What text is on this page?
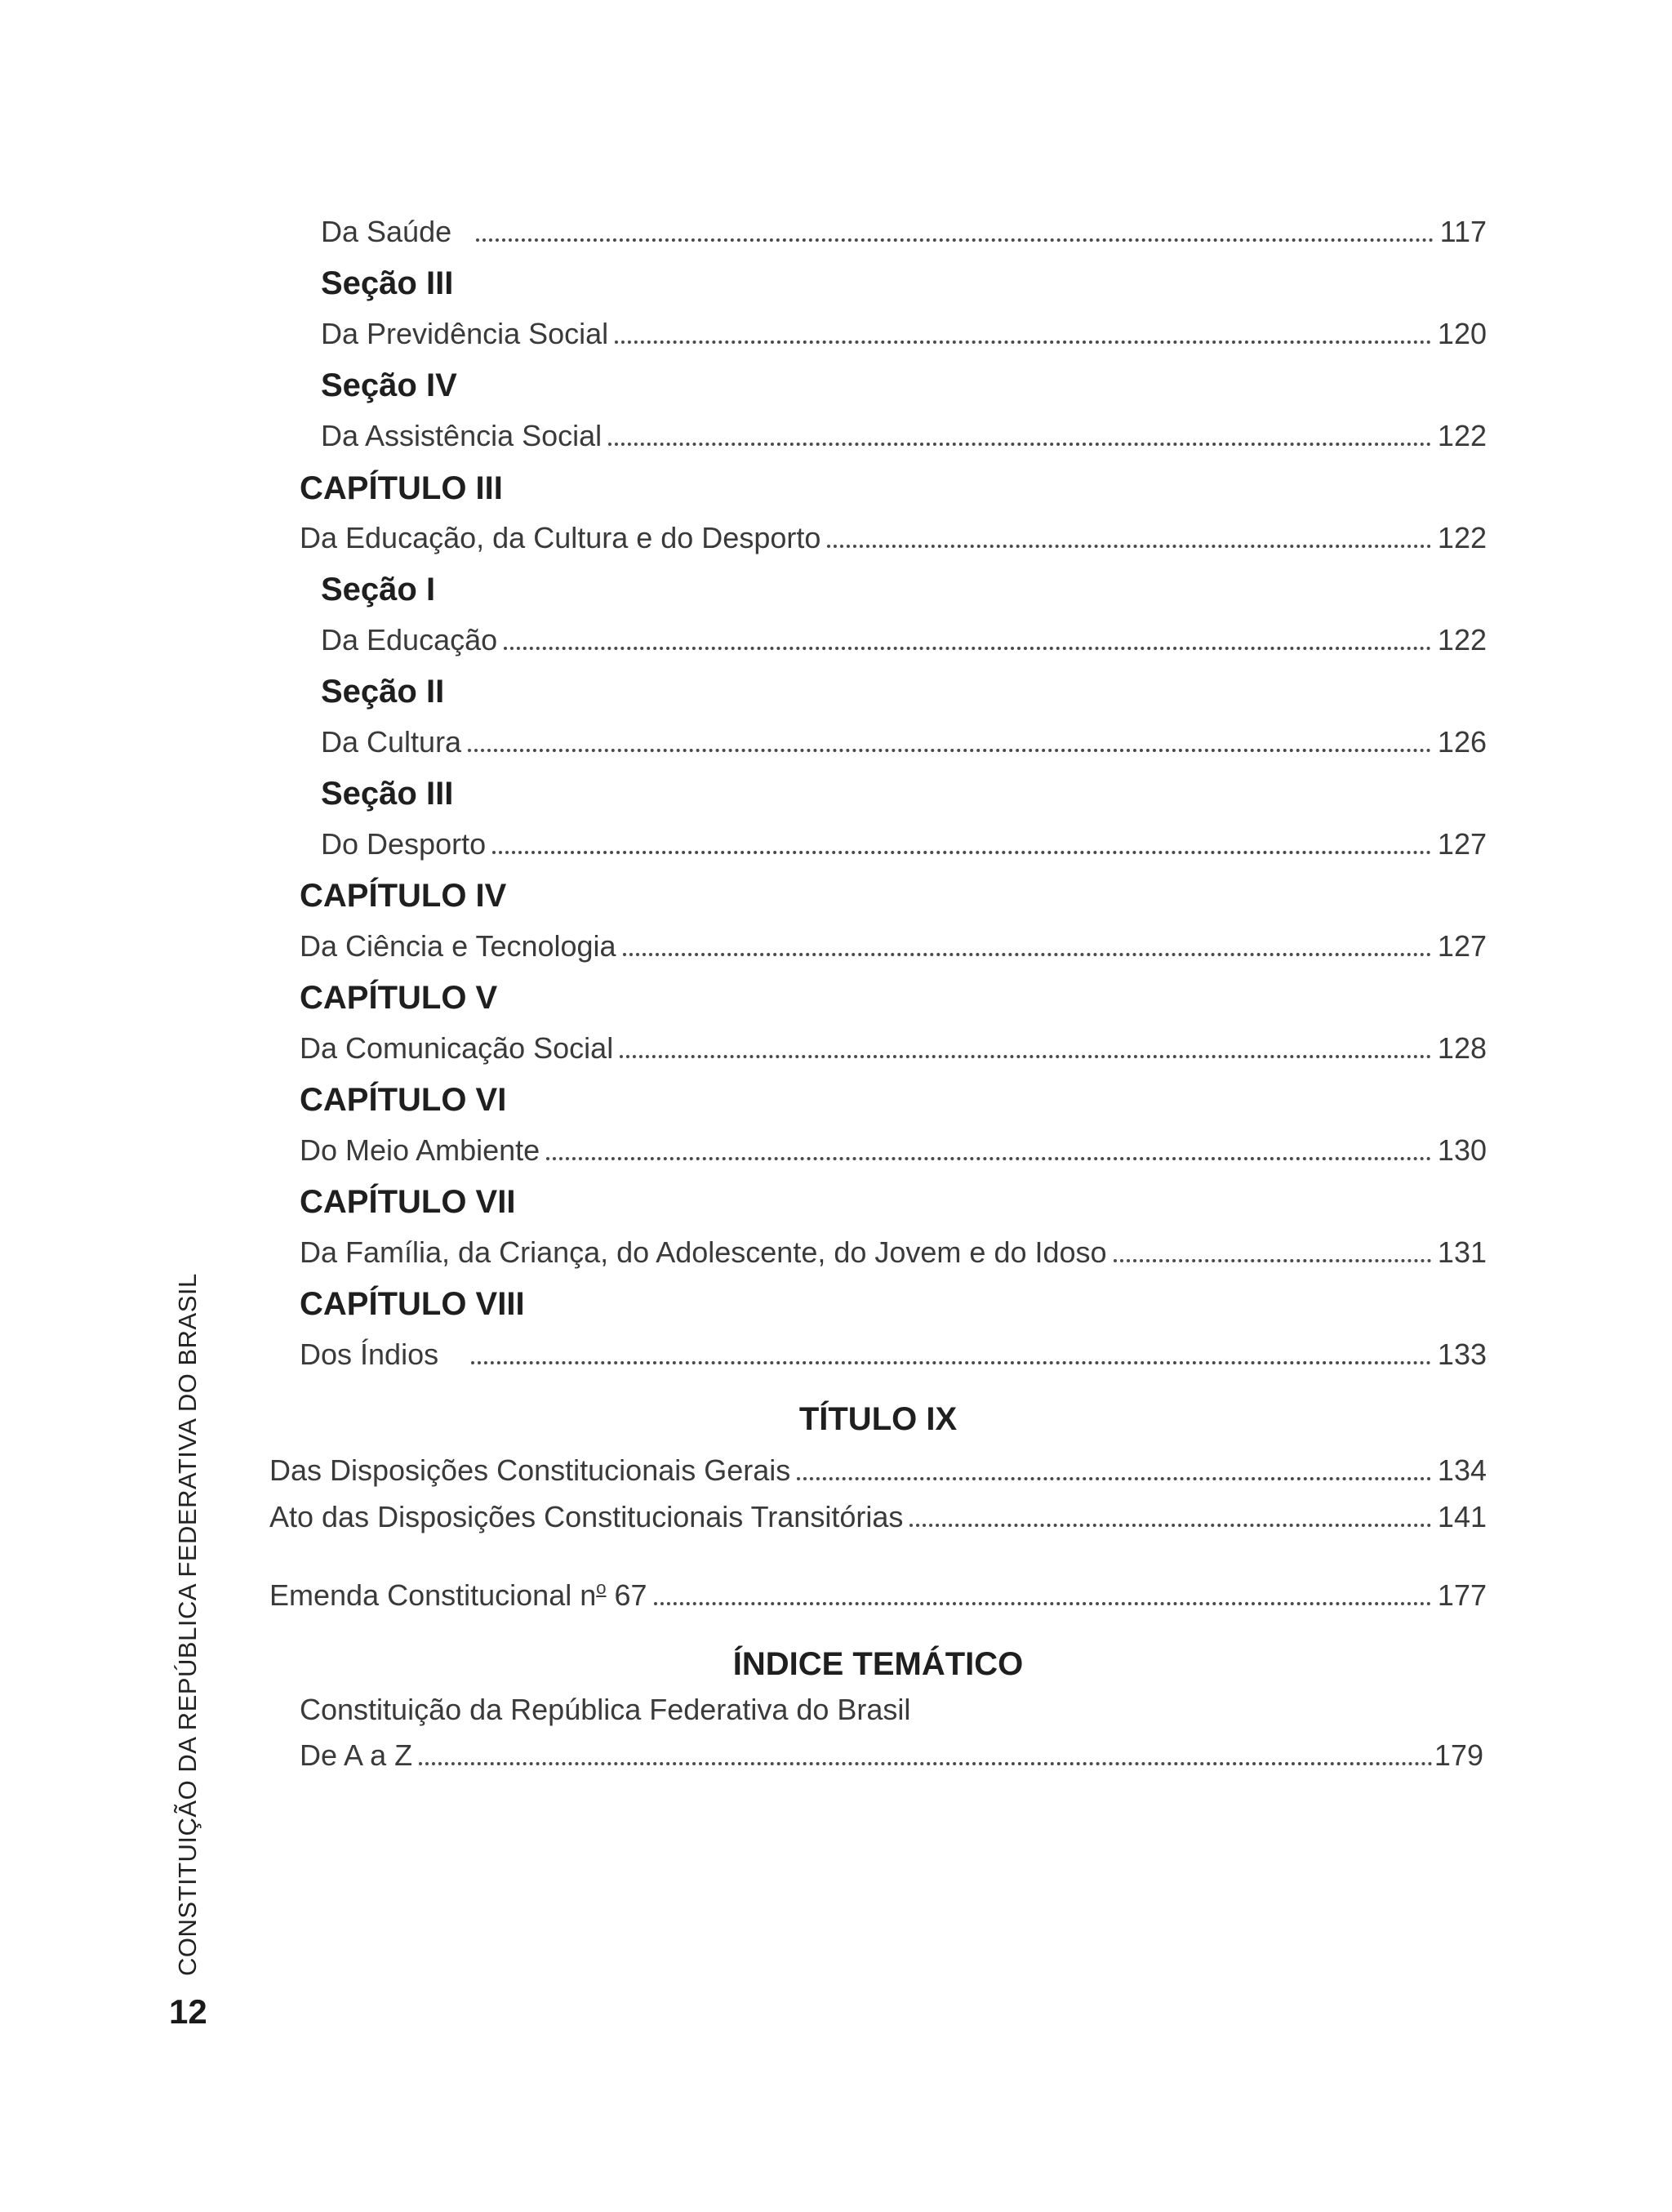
Da Saúde	117
Seção III
Da Previdência Social	120
Seção IV
Da Assistência Social	122
CAPÍTULO III
Da Educação, da Cultura e do Desporto	122
Seção I
Da Educação	122
Seção II
Da Cultura	126
Seção III
Do Desporto	127
CAPÍTULO IV
Da Ciência e Tecnologia	127
CAPÍTULO V
Da Comunicação Social	128
CAPÍTULO VI
Do Meio Ambiente	130
CAPÍTULO VII
Da Família, da Criança, do Adolescente, do Jovem e do Idoso	131
CAPÍTULO VIII
Dos Índios	133
TÍTULO IX
Das Disposições Constitucionais Gerais	134
Ato das Disposições Constitucionais Transitórias	141
Emenda Constitucional $n^o$ 67	177
ÍNDICE TEMÁTICO
Constituição da República Federativa do Brasil
De A a Z	179
CONSTITUIÇÃO DA REPÚBLICA FEDERATIVA DO BRASIL
12
